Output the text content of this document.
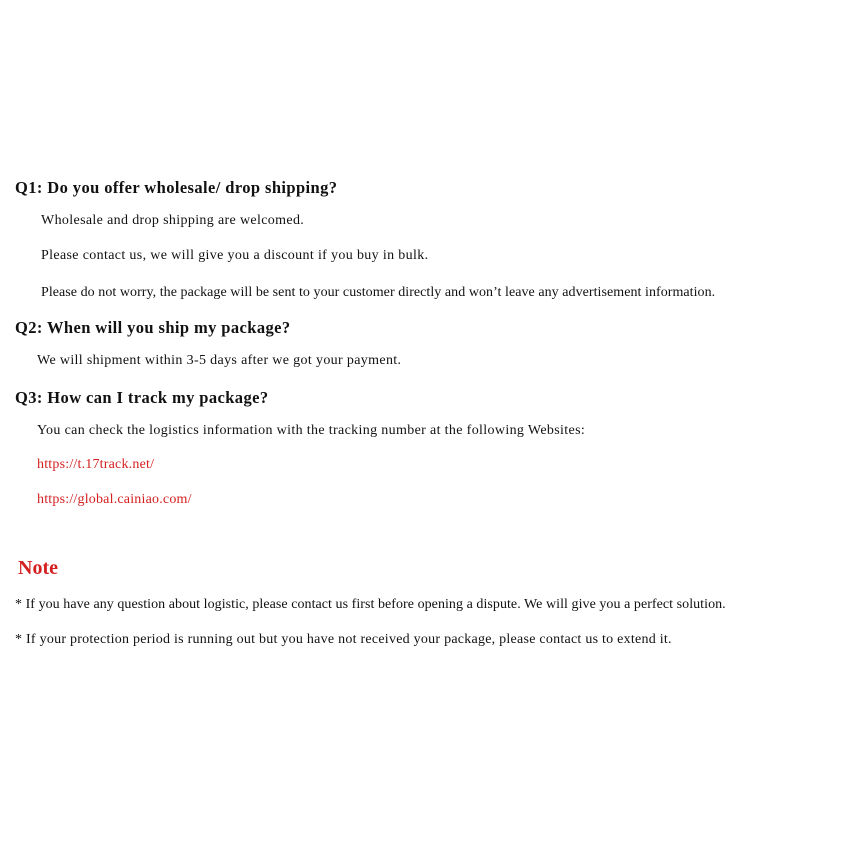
Q1: Do you offer wholesale/ drop shipping?
Wholesale and drop shipping are welcomed.
Please contact us, we will give you a discount if you buy in bulk.
Please do not worry, the package will be sent to your customer directly and won’t leave any advertisement information.
Q2: When will you ship my package?
We will shipment within 3-5 days after we got your payment.
Q3: How can I track my package?
You can check the logistics information with the tracking number at the following Websites:
https://t.17track.net/
https://global.cainiao.com/
Note
* If you have any question about logistic, please contact us first before opening a dispute. We will give you a perfect solution.
* If your protection period is running out but you have not received your package, please contact us to extend it.
